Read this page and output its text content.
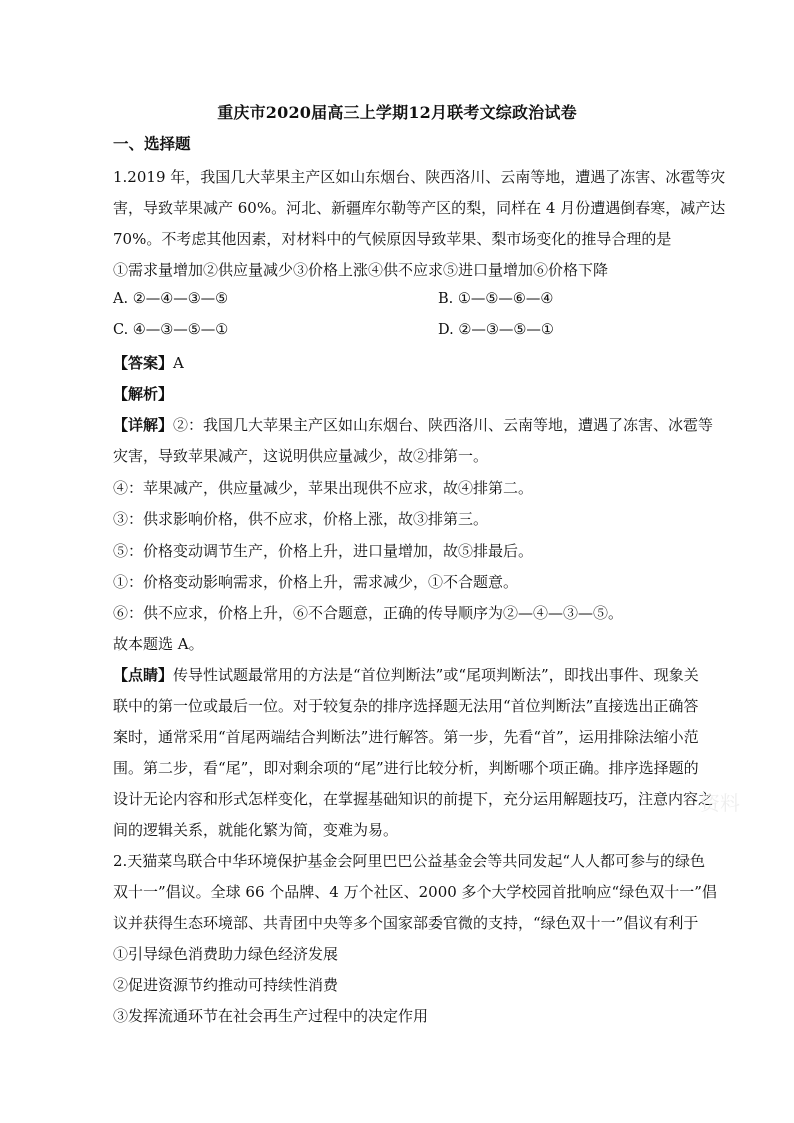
重庆市2020届高三上学期12月联考文综政治试卷
一、选择题
1.2019 年，我国几大苹果主产区如山东烟台、陕西洛川、云南等地，遭遇了冻害、冰雹等灾
害，导致苹果减产 60%。河北、新疆库尔勒等产区的梨，同样在 4 月份遭遇倒春寒，减产达
70%。不考虑其他因素，对材料中的气候原因导致苹果、梨市场变化的推导合理的是
①需求量增加②供应量减少③价格上涨④供不应求⑤进口量增加⑥价格下降
A. ②—④—③—⑤	B. ①—⑤—⑥—④
C. ④—③—⑤—①	D. ②—③—⑤—①
【答案】A
【解析】
【详解】②：我国几大苹果主产区如山东烟台、陕西洛川、云南等地，遭遇了冻害、冰雹等
灾害，导致苹果减产，这说明供应量减少，故②排第一。
④：苹果减产，供应量减少，苹果出现供不应求，故④排第二。
③：供求影响价格，供不应求，价格上涨，故③排第三。
⑤：价格变动调节生产，价格上升，进口量增加，故⑤排最后。
①：价格变动影响需求，价格上升，需求减少，①不合题意。
⑥：供不应求，价格上升，⑥不合题意，正确的传导顺序为②—④—③—⑤。
故本题选 A。
【点睛】传导性试题最常用的方法是“首位判断法”或“尾项判断法”，即找出事件、现象关
联中的第一位或最后一位。对于较复杂的排序选择题无法用“首位判断法”直接选出正确答
案时，通常采用“首尾两端结合判断法”进行解答。第一步，先看“首”，运用排除法缩小范
围。第二步，看“尾”，即对剩余项的“尾”进行比较分析，判断哪个项正确。排序选择题的
设计无论内容和形式怎样变化，在掌握基础知识的前提下，充分运用解题技巧，注意内容之
间的逻辑关系，就能化繁为简，变难为易。
2.天猫菜鸟联合中华环境保护基金会阿里巴巴公益基金会等共同发起“人人都可参与的绿色
双十一”倡议。全球 66 个品牌、4 万个社区、2000 多个大学校园首批响应“绿色双十一”倡
议并获得生态环境部、共青团中央等多个国家部委官微的支持，“绿色双十一”倡议有利于
①引导绿色消费助力绿色经济发展
②促进资源节约推动可持续性消费
③发挥流通环节在社会再生产过程中的决定作用
资料
